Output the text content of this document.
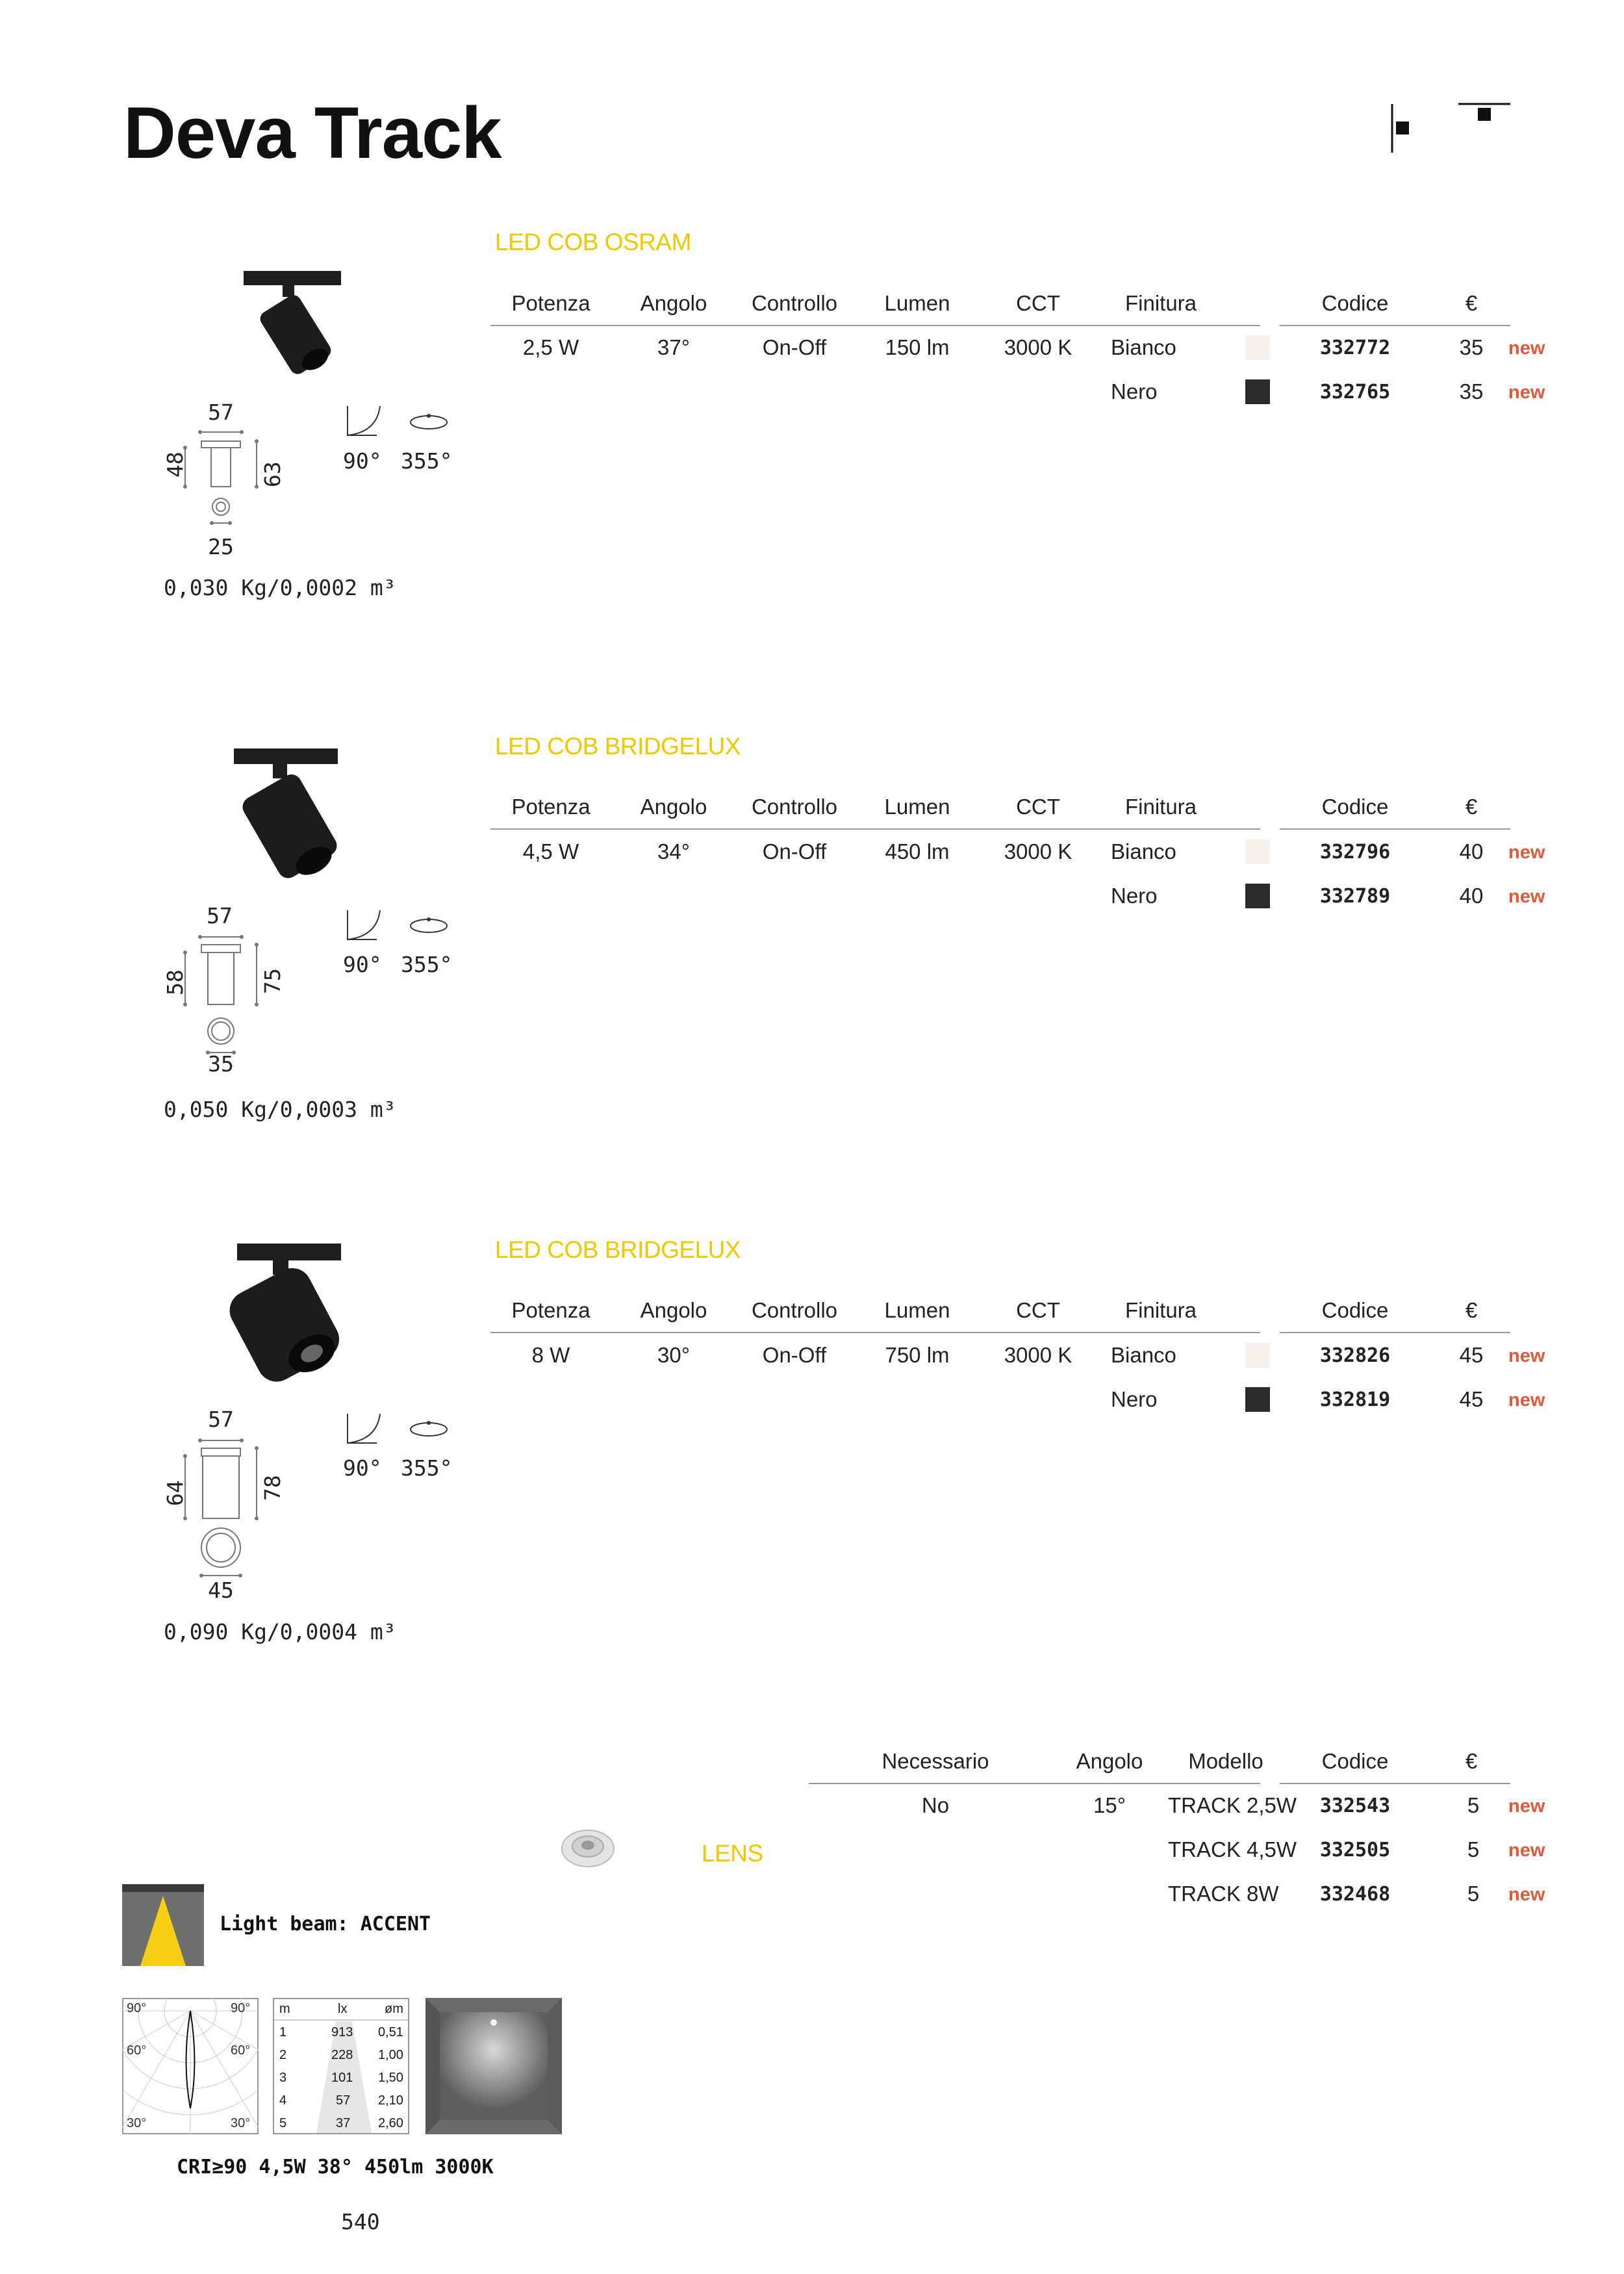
Deva Track
LED COB OSRAM
Potenza Angolo Controllo Lumen	CCT	Finitura	Codice	€
2,5 W	37°	On-Off	150 lm	3000 K Bianco	332772	35 new
Nero	332765	35 new
57
48	63
25
90° 355°
0,030 Kg/0,0002 m³
LED COB BRIDGELUX
Potenza Angolo Controllo Lumen	CCT	Finitura	Codice	€
4,5 W	34°	On-Off	450 lm	3000 K Bianco	332796	40 new
Nero	332789	40 new
57
58	75
35
90° 355°
0,050 Kg/0,0003 m³
LED COB BRIDGELUX
Potenza Angolo Controllo Lumen	CCT	Finitura	Codice	€
8 W	30°	On-Off	750 lm	3000 K Bianco	332826	45 new
Nero	332819	45 new
57
64	78
45
90° 355°
0,090 Kg/0,0004 m³
Necessario	Angolo Modello	Codice	€
No	15° TRACK 2,5W 332543	5 new
TRACK 4,5W 332505	5 new
TRACK 8W 332468	5 new
LENS
Light beam: ACCENT
90°	90°
60°	60°
30°	30°
m	lx	øm
1	913 0,51
2	228 1,00
3	101 1,50
4	57 2,10
5	37 2,60
CRI≥90 4,5W 38° 450lm 3000K
540
